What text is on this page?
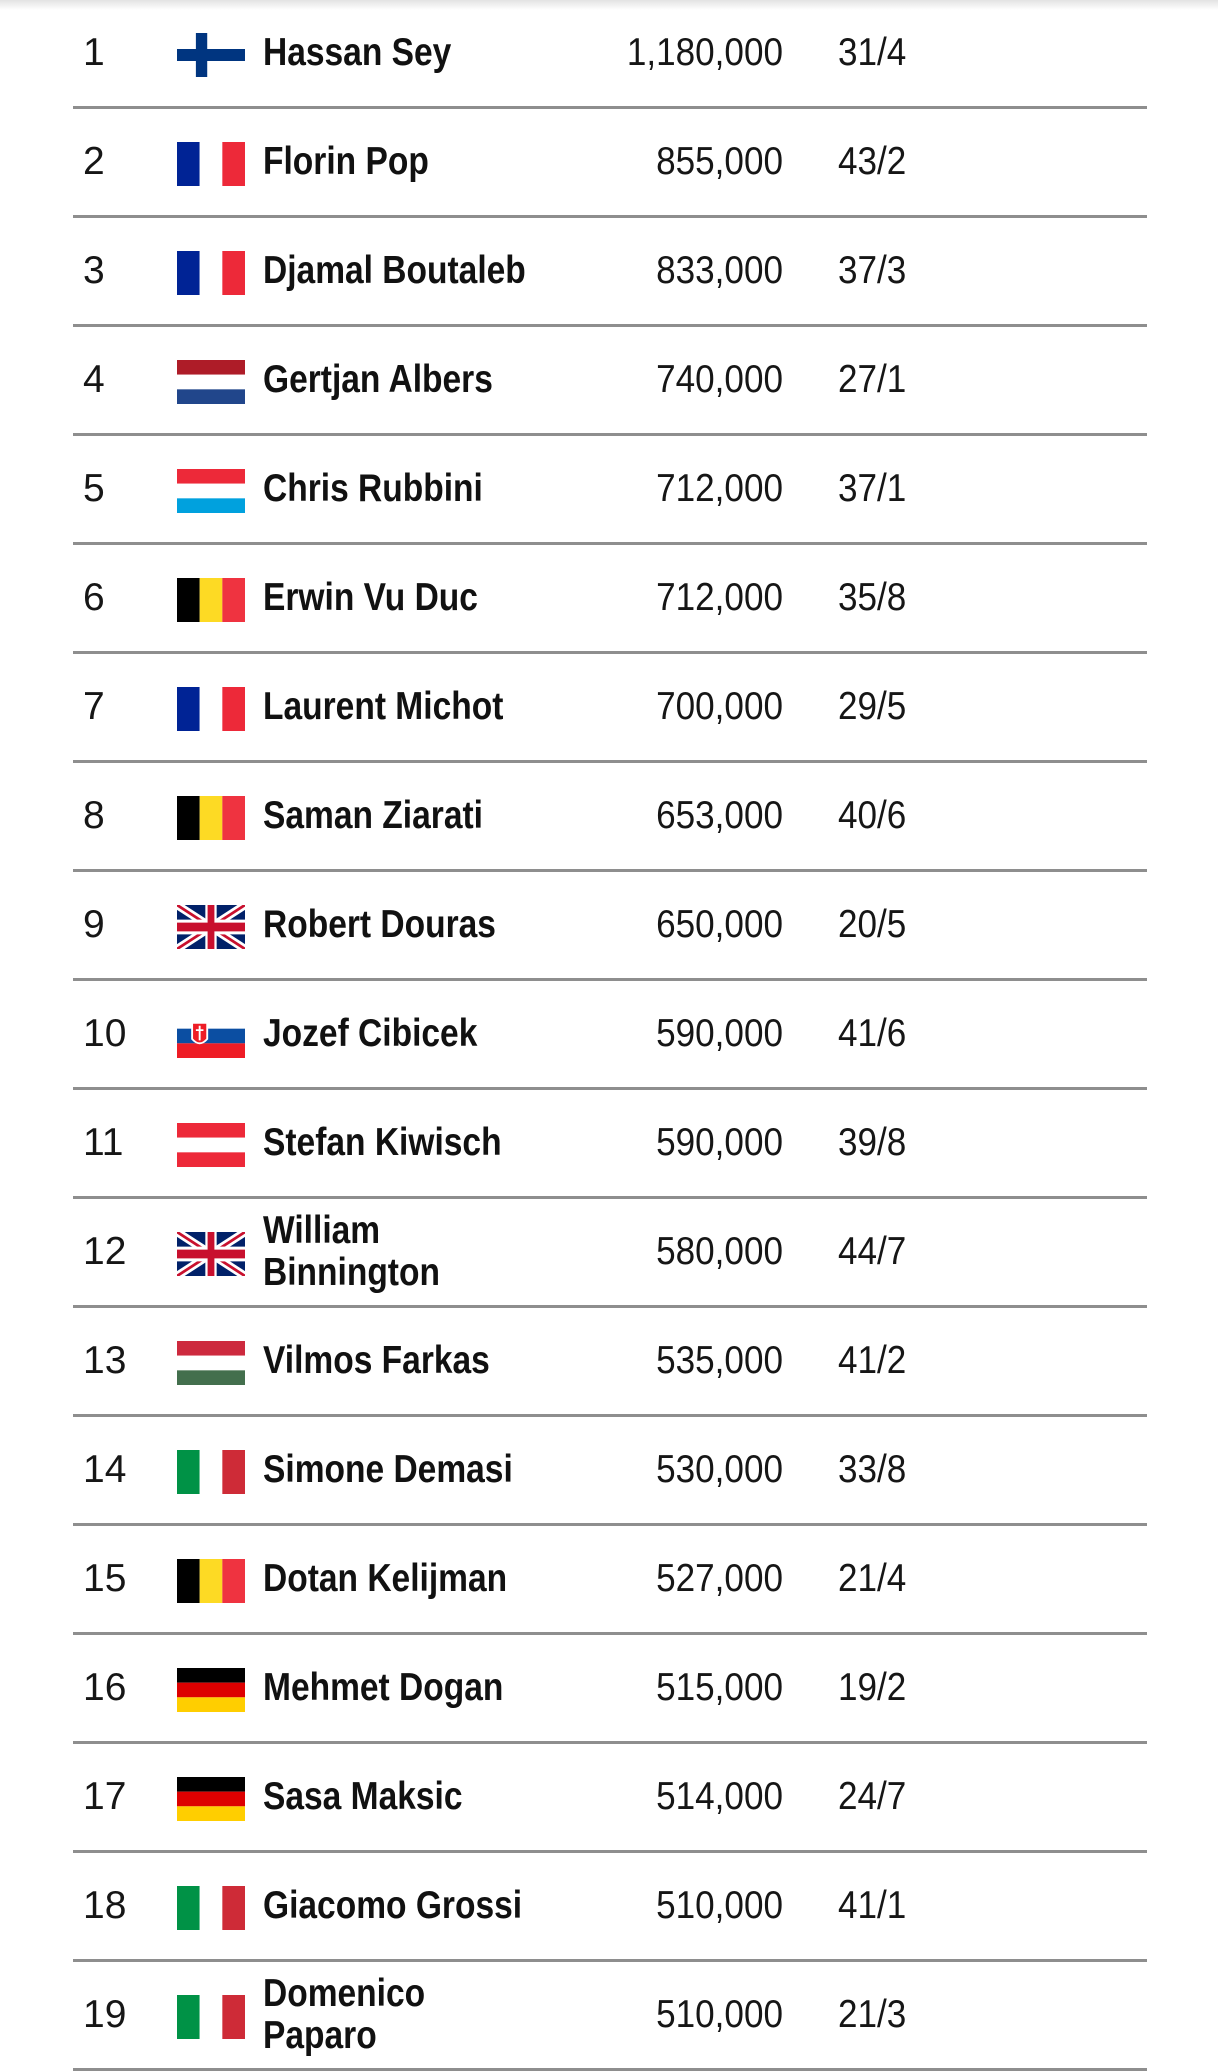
1	Hassan Sey	1,180,000 31/4
2	Florin Pop	855,000 43/2
3	Djamal Boutaleb	833,000 37/3
4	Gertjan Albers	740,000 27/1
5	Chris Rubbini	712,000 37/1
6	Erwin Vu Duc	712,000 35/8
7	Laurent Michot	700,000 29/5
8	Saman Ziarati	653,000 40/6
9	Robert Douras	650,000 20/5
10	Jozef Cibicek	590,000 41/6
11	Stefan Kiwisch	590,000 39/8
12	William Binnington	580,000 44/7
13	Vilmos Farkas	535,000 41/2
14	Simone Demasi	530,000 33/8
15	Dotan Kelijman	527,000 21/4
16	Mehmet Dogan	515,000 19/2
17	Sasa Maksic	514,000 24/7
18	Giacomo Grossi	510,000 41/1
19	Domenico Paparo	510,000 21/3
